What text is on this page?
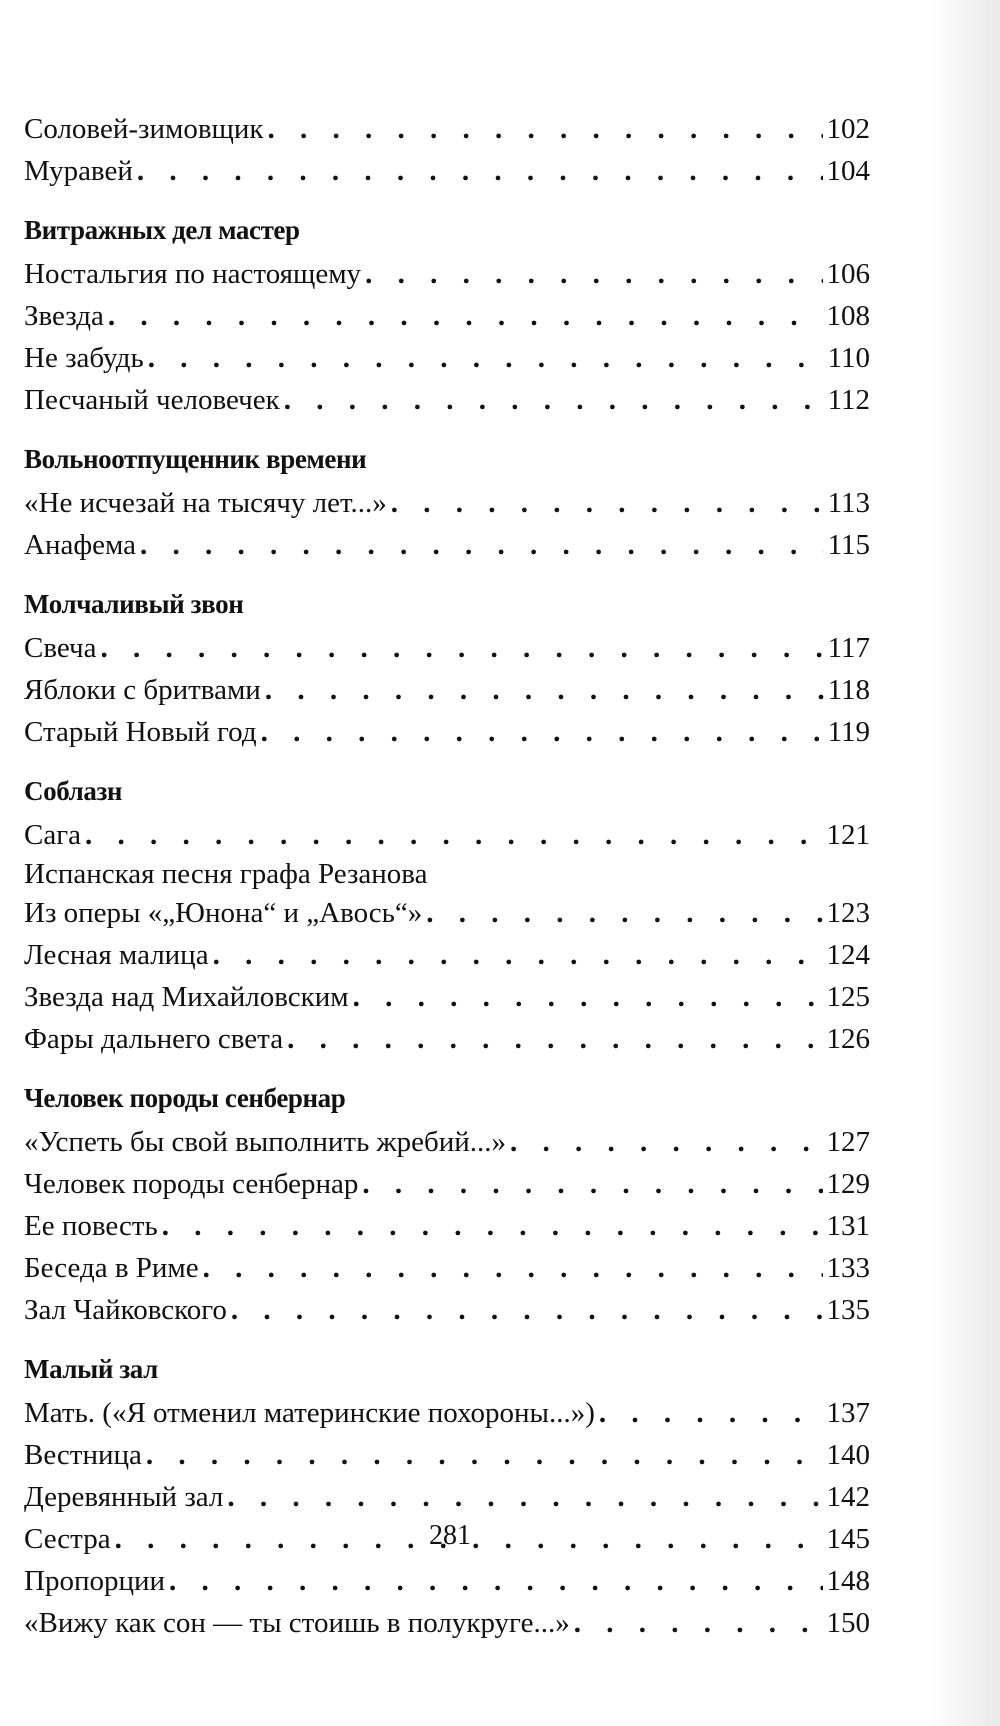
Соловей-зимовщик . . .	102
Муравей . . .	104
Витражных дел мастер
Ностальгия по настоящему . . .	106
Звезда . . .	108
Не забудь . . .	110
Песчаный человечек . . .	112
Вольноотпущенник времени
«Не исчезай на тысячу лет...» . . .	113
Анафема . . .	115
Молчаливый звон
Свеча . . .	117
Яблоки с бритвами . . .	118
Старый Новый год . . .	119
Соблазн
Сага . . .	121
Испанская песня графа Резанова
Из оперы «„Юнона“ и „Авось“» . . .	123
Лесная малица . . .	124
Звезда над Михайловским . . .	125
Фары дальнего света . . .	126
Человек породы сенбернар
«Успеть бы свой выполнить жребий...» . . .	127
Человек породы сенбернар . . .	129
Ее повесть . . .	131
Беседа в Риме . . .	133
Зал Чайковского . . .	135
Малый зал
Мать. («Я отменил материнские похороны...») . . .	137
Вестница . . .	140
Деревянный зал . . .	142
Сестра . . .	145
Пропорции . . .	148
«Вижу как сон — ты стоишь в полукруге...» . . .	150
281
